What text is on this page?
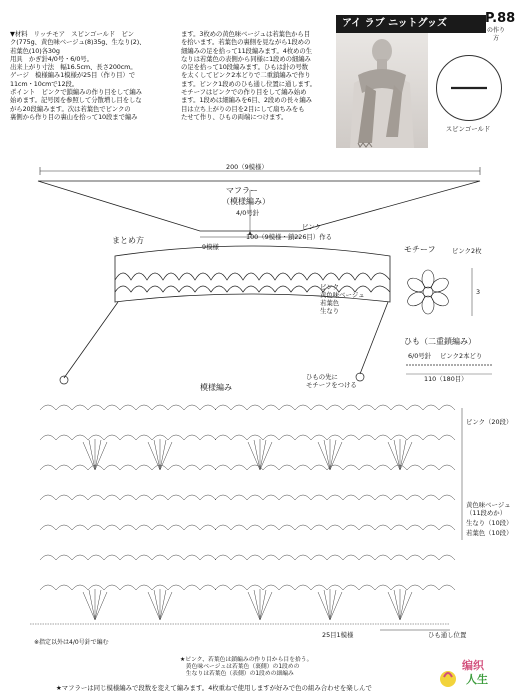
▼材料　リッチモア　スピンゴールド　ピン
ク(775g、黄色味ベージュ(8)35g、生なり(2)、
若葉色(10)各30g
用具　かぎ針4/0号・6/0号。
出来上がり寸法　幅16.5cm、長さ200cm。
ゲージ　模様編み1模様が25目（作り目）で
11cm・10cmで12段。
ポイント　ピンクで鎖編みの作り目をして編み
始めます。記号図を参照して分散増し目をしな
がら20段編みます。次は若葉色でピンクの
裏側から作り目の裏山を拾って10段まで編み
ます。3枚めの黄色味ベージュは若葉色から目
を拾います。若葉色の裏側を見ながら1段めの
細編みの足を拾って11段編みます。4枚めの生
なりは若葉色の表側から同様に1段めの細編み
の足を拾って10段編みます。ひもは針の号数
を太くしてピンク2本どりで二重鎖編みで作り
ます。ピンク1段めのひも通し位置に通します。
モチーフはピンクでの作り目をして編み始め
ます。1段めは細編みを6目、2段めの長々編み
目は立ち上がりの目を2目にして扇ちみをも
たせて作り、ひもの両端につけます。
アイ ラブ ニットグッズ	P.88
の作り方
スピンゴールド
200（9模様）
マフラー
（模様編み）
4/0号針
ピンク
100（9模様・鎖226目）作る
まとめ方
9模様
ピンク
黄色味ベージュ
若葉色
生なり
ひもの先に
モチーフをつける
モチーフ	ピンク2枚
3
ひも（二重鎖編み）
6/0号針 ピンク2本どり
110（180目）
模様編み
ピンク（20段）
黄色味ベージュ
（11段めか）
生なり（10段）
若葉色（10段）
25目1模様	ひも通し位置
※指定以外は4/0号針で編む
★ピンク、若葉色は鎖編みの作り目から目を拾う。
　黄色味ベージュは若葉色（裏側）の1段めの
　生なりは若葉色（表側）の1段めの細編み
★マフラーは同じ模様編みで段数を変えて編みます。4枚重ねで使用しますが好みで色の組み合わせを楽しんで
编织
人生
